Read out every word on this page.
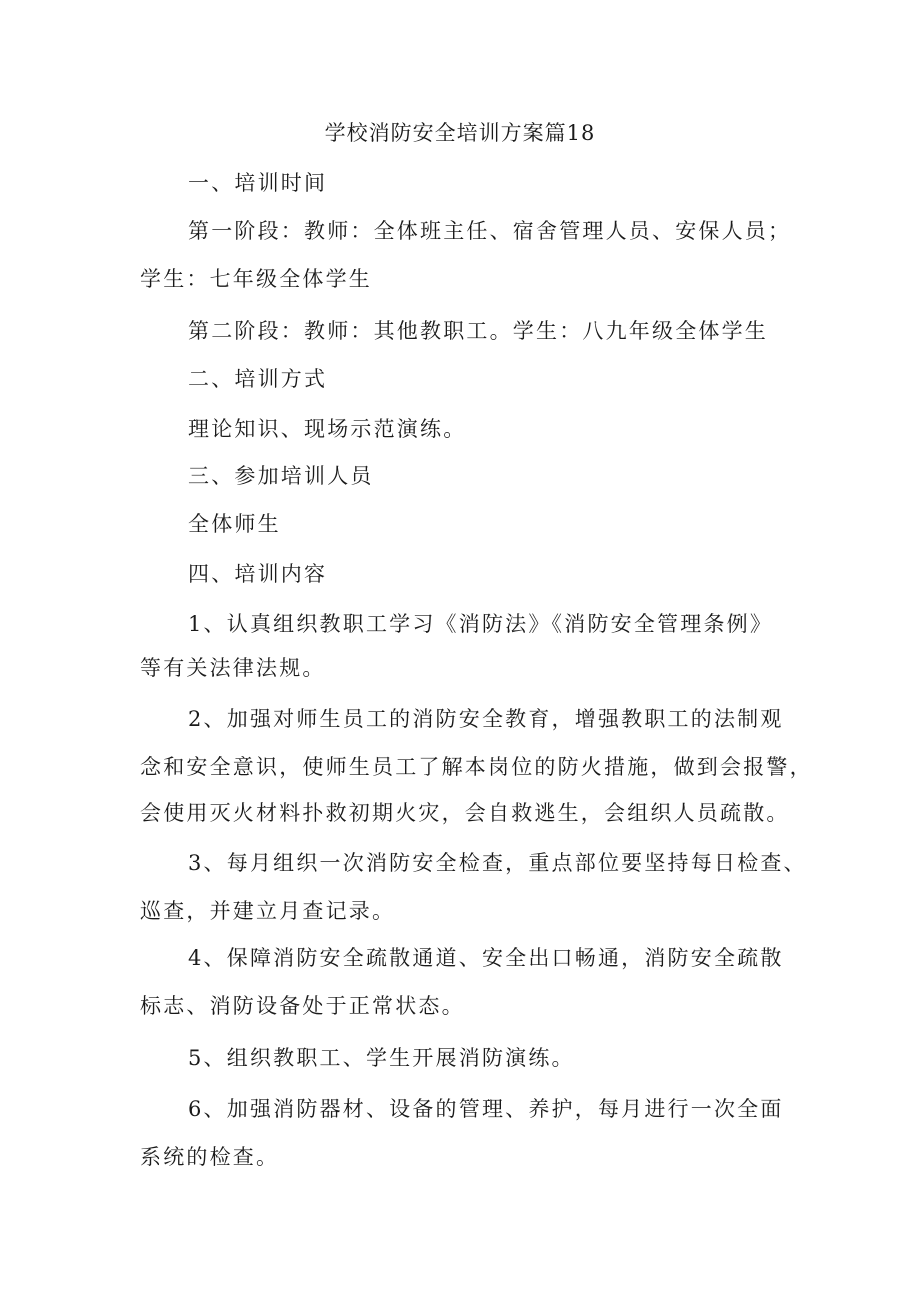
学校消防安全培训方案篇18
一、培训时间
第一阶段：教师：全体班主任、宿舍管理人员、安保人员；
学生：七年级全体学生
第二阶段：教师：其他教职工。学生：八九年级全体学生
二、培训方式
理论知识、现场示范演练。
三、参加培训人员
全体师生
四、培训内容
1、认真组织教职工学习《消防法》《消防安全管理条例》
等有关法律法规。
2、加强对师生员工的消防安全教育，增强教职工的法制观
念和安全意识，使师生员工了解本岗位的防火措施，做到会报警，
会使用灭火材料扑救初期火灾，会自救逃生，会组织人员疏散。
3、每月组织一次消防安全检查，重点部位要坚持每日检查、
巡查，并建立月查记录。
4、保障消防安全疏散通道、安全出口畅通，消防安全疏散
标志、消防设备处于正常状态。
5、组织教职工、学生开展消防演练。
6、加强消防器材、设备的管理、养护，每月进行一次全面
系统的检查。
